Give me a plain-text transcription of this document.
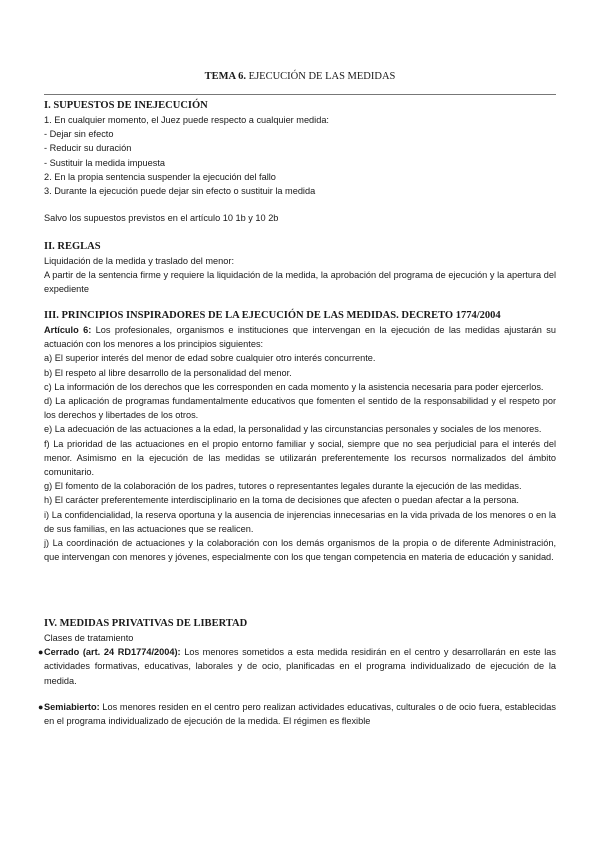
TEMA 6. EJECUCIÓN DE LAS MEDIDAS

I. SUPUESTOS DE INEJECUCIÓN

1. En cualquier momento, el Juez puede respecto a cualquier medida:

- Dejar sin efecto

- Reducir su duración

- Sustituir la medida impuesta

2. En la propia sentencia suspender la ejecución del fallo

3. Durante la ejecución puede dejar sin efecto o sustituir la medida

Salvo los supuestos previstos en el artículo 10 1b y 10 2b

II. REGLAS

Liquidación de la medida y traslado del menor:

A partir de la sentencia firme y requiere la liquidación de la medida, la aprobación del programa de ejecución y la apertura del expediente

III. PRINCIPIOS INSPIRADORES DE LA EJECUCIÓN DE LAS MEDIDAS. DECRETO 1774/2004

Artículo 6: Los profesionales, organismos e instituciones que intervengan en la ejecución de las medidas ajustarán su actuación con los menores a los principios siguientes:

a) El superior interés del menor de edad sobre cualquier otro interés concurrente.

b) El respeto al libre desarrollo de la personalidad del menor.

c) La información de los derechos que les corresponden en cada momento y la asistencia necesaria para poder ejercerlos.

d) La aplicación de programas fundamentalmente educativos que fomenten el sentido de la responsabilidad y el respeto por los derechos y libertades de los otros.

e) La adecuación de las actuaciones a la edad, la personalidad y las circunstancias personales y sociales de los menores.

f) La prioridad de las actuaciones en el propio entorno familiar y social, siempre que no sea perjudicial para el interés del menor. Asimismo en la ejecución de las medidas se utilizarán preferentemente los recursos normalizados del ámbito comunitario.

g) El fomento de la colaboración de los padres, tutores o representantes legales durante la ejecución de las medidas.

h) El carácter preferentemente interdisciplinario en la toma de decisiones que afecten o puedan afectar a la persona.

i) La confidencialidad, la reserva oportuna y la ausencia de injerencias innecesarias en la vida privada de los menores o en la de sus familias, en las actuaciones que se realicen.

j) La coordinación de actuaciones y la colaboración con los demás organismos de la propia o de diferente Administración, que intervengan con menores y jóvenes, especialmente con los que tengan competencia en materia de educación y sanidad.

IV. MEDIDAS PRIVATIVAS DE LIBERTAD

Clases de tratamiento

● Cerrado (art. 24 RD1774/2004): Los menores sometidos a esta medida residirán en el centro y desarrollarán en este las actividades formativas, educativas, laborales y de ocio, planificadas en el programa individualizado de ejecución de la medida.

● Semiabierto: Los menores residen en el centro pero realizan actividades educativas, culturales o de ocio fuera, establecidas en el programa individualizado de ejecución de la medida. El régimen es flexible
